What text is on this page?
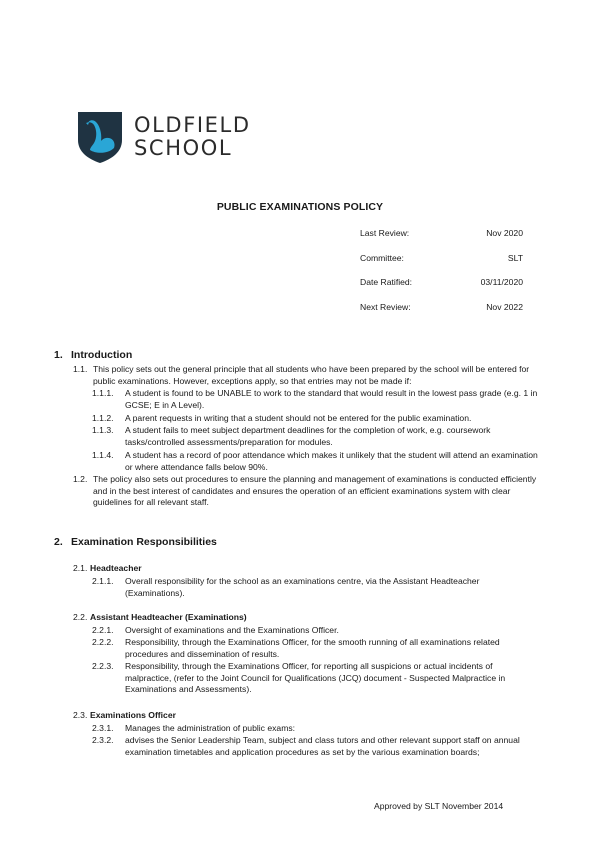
OLDFIELD
SCHOOL
PUBLIC EXAMINATIONS POLICY
Last Review:	Nov 2020
Committee:	SLT
Date Ratified:	03/11/2020
Next Review:	Nov 2022
1. Introduction
1.1. This policy sets out the general principle that all students who have been prepared by the school will be entered for public examinations. However, exceptions apply, so that entries may not be made if:
1.1.1.	A student is found to be UNABLE to work to the standard that would result in the lowest pass grade (e.g. 1 in GCSE; E in A Level).
1.1.2.	A parent requests in writing that a student should not be entered for the public examination.
1.1.3.	A student fails to meet subject department deadlines for the completion of work, e.g. coursework tasks/controlled assessments/preparation for modules.
1.1.4.	A student has a record of poor attendance which makes it unlikely that the student will attend an examination or where attendance falls below 90%.
1.2. The policy also sets out procedures to ensure the planning and management of examinations is conducted efficiently and in the best interest of candidates and ensures the operation of an efficient examinations system with clear guidelines for all relevant staff.
2. Examination Responsibilities
2.1. Headteacher
2.1.1.	Overall responsibility for the school as an examinations centre, via the Assistant Headteacher (Examinations).
2.2. Assistant Headteacher (Examinations)
2.2.1.	Oversight of examinations and the Examinations Officer.
2.2.2.	Responsibility, through the Examinations Officer, for the smooth running of all examinations related procedures and dissemination of results.
2.2.3.	Responsibility, through the Examinations Officer, for reporting all suspicions or actual incidents of malpractice, (refer to the Joint Council for Qualifications (JCQ) document - Suspected Malpractice in Examinations and Assessments).
2.3. Examinations Officer
2.3.1.	Manages the administration of public exams:
2.3.2.	advises the Senior Leadership Team, subject and class tutors and other relevant support staff on annual examination timetables and application procedures as set by the various examination boards;
Approved by SLT November 2014
